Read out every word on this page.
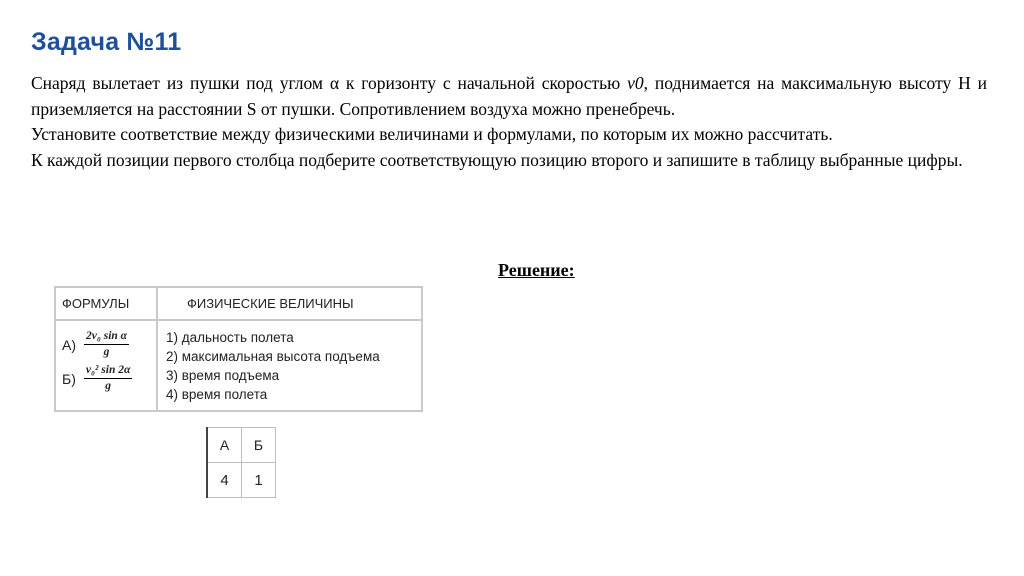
Задача №11

Снаряд вылетает из пушки под углом α к горизонту с начальной скоростью v0, поднимается на максимальную высоту H и приземляется на расстоянии S от пушки. Сопротивлением воздуха можно пренебречь.

Установите соответствие между физическими величинами и формулами, по которым их можно рассчитать.

К каждой позиции первого столбца подберите соответствующую позицию второго и запишите в таблицу выбранные цифры.

Решение:
ФОРМУЛЫ	ФИЗИЧЕСКИЕ ВЕЛИЧИНЫ
$А) \frac{\text{2v₀ sin α}}{g}$
$Б) \frac{\text{v₀² sin 2α}}{g}$
1) дальность полета
2) максимальная высота подъема
3) время подъема
4) время полета
А	Б
4	1
